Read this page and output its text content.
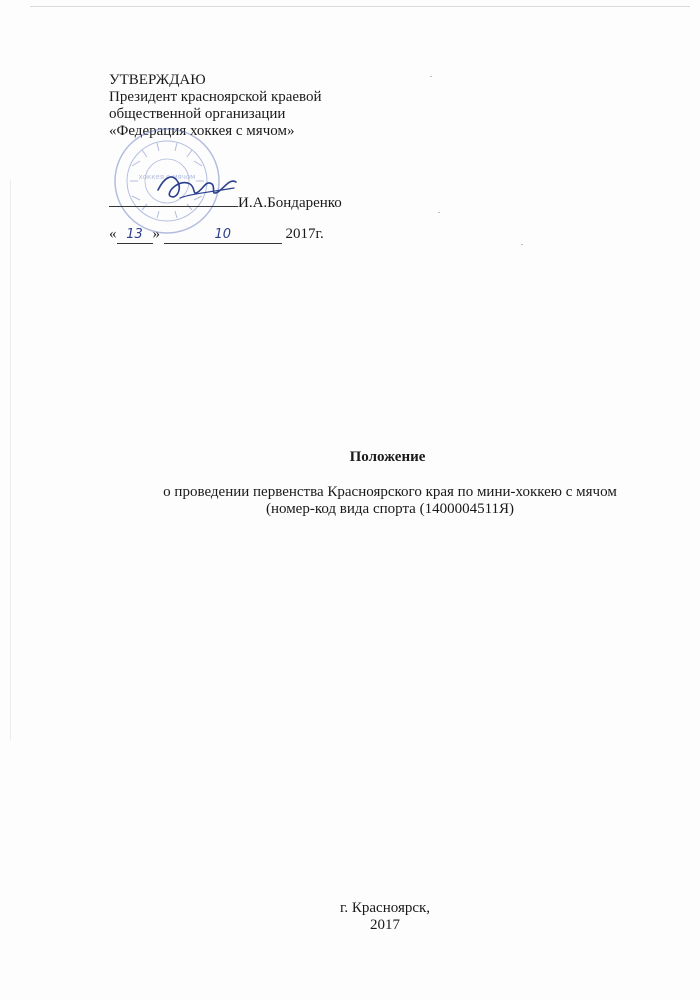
УТВЕРЖДАЮ
Президент красноярской краевой
общественной организации
«Федерация хоккея с мячом»
хоккея с мячом
И.А.Бондаренко
« 13 »	10	2017г.
Положение
о проведении первенства Красноярского края по мини-хоккею с мячом
(номер-код вида спорта (1400004511Я)
г. Красноярск,
2017
